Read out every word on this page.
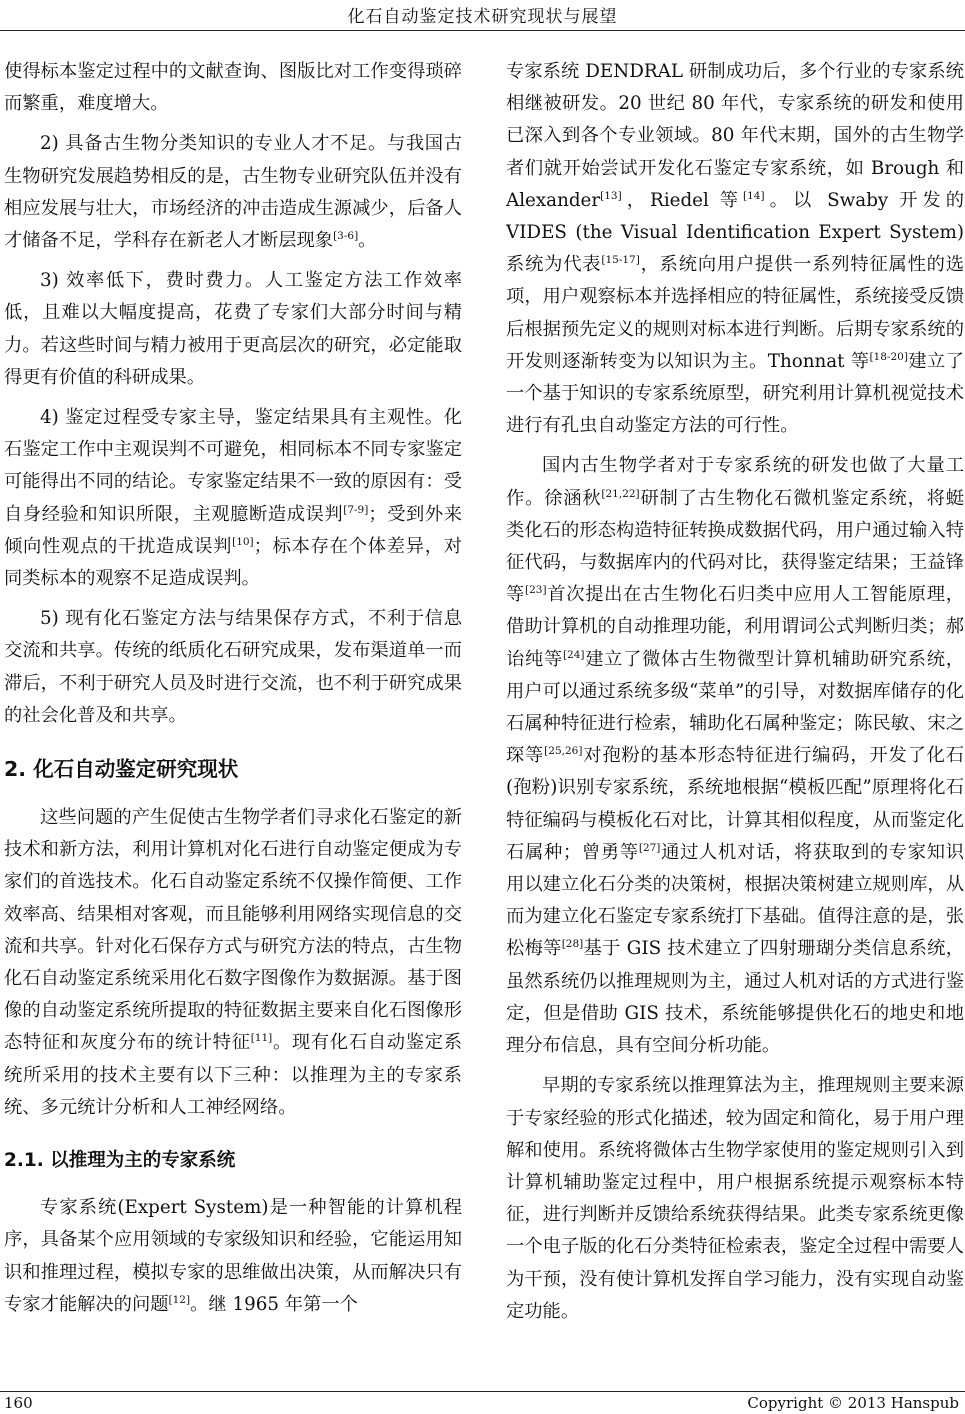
化石自动鉴定技术研究现状与展望

使得标本鉴定过程中的文献查询、图版比对工作变得琐碎而繁重，难度增大。

2) 具备古生物分类知识的专业人才不足。与我国古生物研究发展趋势相反的是，古生物专业研究队伍并没有相应发展与壮大，市场经济的冲击造成生源减少，后备人才储备不足，学科存在新老人才断层现象[3-6]。

3) 效率低下，费时费力。人工鉴定方法工作效率低，且难以大幅度提高，花费了专家们大部分时间与精力。若这些时间与精力被用于更高层次的研究，必定能取得更有价值的科研成果。

4) 鉴定过程受专家主导，鉴定结果具有主观性。化石鉴定工作中主观误判不可避免，相同标本不同专家鉴定可能得出不同的结论。专家鉴定结果不一致的原因有：受自身经验和知识所限，主观臆断造成误判[7-9]；受到外来倾向性观点的干扰造成误判[10]；标本存在个体差异，对同类标本的观察不足造成误判。

5) 现有化石鉴定方法与结果保存方式，不利于信息交流和共享。传统的纸质化石研究成果，发布渠道单一而滞后，不利于研究人员及时进行交流，也不利于研究成果的社会化普及和共享。

2. 化石自动鉴定研究现状

这些问题的产生促使古生物学者们寻求化石鉴定的新技术和新方法，利用计算机对化石进行自动鉴定便成为专家们的首选技术。化石自动鉴定系统不仅操作简便、工作效率高、结果相对客观，而且能够利用网络实现信息的交流和共享。针对化石保存方式与研究方法的特点，古生物化石自动鉴定系统采用化石数字图像作为数据源。基于图像的自动鉴定系统所提取的特征数据主要来自化石图像形态特征和灰度分布的统计特征[11]。现有化石自动鉴定系统所采用的技术主要有以下三种：以推理为主的专家系统、多元统计分析和人工神经网络。

2.1. 以推理为主的专家系统

专家系统(Expert System)是一种智能的计算机程序，具备某个应用领域的专家级知识和经验，它能运用知识和推理过程，模拟专家的思维做出决策，从而解决只有专家才能解决的问题[12]。继 1965 年第一个

专家系统 DENDRAL 研制成功后，多个行业的专家系统相继被研发。20 世纪 80 年代，专家系统的研发和使用已深入到各个专业领域。80 年代末期，国外的古生物学者们就开始尝试开发化石鉴定专家系统，如 Brough 和 Alexander[13]，Riedel 等[14]。以 Swaby 开发的 VIDES (the Visual Identification Expert System)系统为代表[15-17]，系统向用户提供一系列特征属性的选项，用户观察标本并选择相应的特征属性，系统接受反馈后根据预先定义的规则对标本进行判断。后期专家系统的开发则逐渐转变为以知识为主。Thonnat 等[18-20]建立了一个基于知识的专家系统原型，研究利用计算机视觉技术进行有孔虫自动鉴定方法的可行性。

国内古生物学者对于专家系统的研发也做了大量工作。徐涵秋[21,22]研制了古生物化石微机鉴定系统，将蜓类化石的形态构造特征转换成数据代码，用户通过输入特征代码，与数据库内的代码对比，获得鉴定结果；王益锋等[23]首次提出在古生物化石归类中应用人工智能原理，借助计算机的自动推理功能，利用谓词公式判断归类；郝诒纯等[24]建立了微体古生物微型计算机辅助研究系统，用户可以通过系统多级“菜单”的引导，对数据库储存的化石属种特征进行检索，辅助化石属种鉴定；陈民敏、宋之琛等[25,26]对孢粉的基本形态特征进行编码，开发了化石(孢粉)识别专家系统，系统地根据“模板匹配”原理将化石特征编码与模板化石对比，计算其相似程度，从而鉴定化石属种；曾勇等[27]通过人机对话，将获取到的专家知识用以建立化石分类的决策树，根据决策树建立规则库，从而为建立化石鉴定专家系统打下基础。值得注意的是，张松梅等[28]基于 GIS 技术建立了四射珊瑚分类信息系统，虽然系统仍以推理规则为主，通过人机对话的方式进行鉴定，但是借助 GIS 技术，系统能够提供化石的地史和地理分布信息，具有空间分析功能。

早期的专家系统以推理算法为主，推理规则主要来源于专家经验的形式化描述，较为固定和简化，易于用户理解和使用。系统将微体古生物学家使用的鉴定规则引入到计算机辅助鉴定过程中，用户根据系统提示观察标本特征，进行判断并反馈给系统获得结果。此类专家系统更像一个电子版的化石分类特征检索表，鉴定全过程中需要人为干预，没有使计算机发挥自学习能力，没有实现自动鉴定功能。

160	Copyright © 2013 Hanspub
